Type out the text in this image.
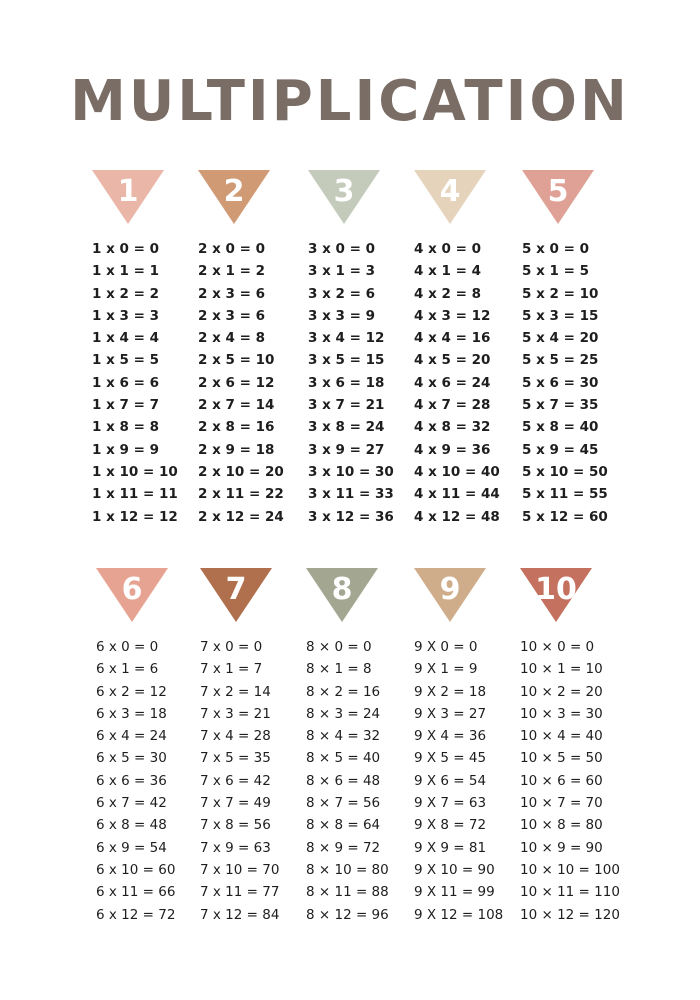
MULTIPLICATION
1
1 x 0 = 0
1 x 1 = 1
1 x 2 = 2
1 x 3 = 3
1 x 4 = 4
1 x 5 = 5
1 x 6 = 6
1 x 7 = 7
1 x 8 = 8
1 x 9 = 9
1 x 10 = 10
1 x 11 = 11
1 x 12 = 12
2
2 x 0 = 0
2 x 1 = 2
2 x 3 = 6
2 x 3 = 6
2 x 4 = 8
2 x 5 = 10
2 x 6 = 12
2 x 7 = 14
2 x 8 = 16
2 x 9 = 18
2 x 10 = 20
2 x 11 = 22
2 x 12 = 24
3
3 x 0 = 0
3 x 1 = 3
3 x 2 = 6
3 x 3 = 9
3 x 4 = 12
3 x 5 = 15
3 x 6 = 18
3 x 7 = 21
3 x 8 = 24
3 x 9 = 27
3 x 10 = 30
3 x 11 = 33
3 x 12 = 36
4
4 x 0 = 0
4 x 1 = 4
4 x 2 = 8
4 x 3 = 12
4 x 4 = 16
4 x 5 = 20
4 x 6 = 24
4 x 7 = 28
4 x 8 = 32
4 x 9 = 36
4 x 10 = 40
4 x 11 = 44
4 x 12 = 48
5
5 x 0 = 0
5 x 1 = 5
5 x 2 = 10
5 x 3 = 15
5 x 4 = 20
5 x 5 = 25
5 x 6 = 30
5 x 7 = 35
5 x 8 = 40
5 x 9 = 45
5 x 10 = 50
5 x 11 = 55
5 x 12 = 60
6
6 x 0 = 0
6 x 1 = 6
6 x 2 = 12
6 x 3 = 18
6 x 4 = 24
6 x 5 = 30
6 x 6 = 36
6 x 7 = 42
6 x 8 = 48
6 x 9 = 54
6 x 10 = 60
6 x 11 = 66
6 x 12 = 72
7
7 x 0 = 0
7 x 1 = 7
7 x 2 = 14
7 x 3 = 21
7 x 4 = 28
7 x 5 = 35
7 x 6 = 42
7 x 7 = 49
7 x 8 = 56
7 x 9 = 63
7 x 10 = 70
7 x 11 = 77
7 x 12 = 84
8
8 × 0 = 0
8 × 1 = 8
8 × 2 = 16
8 × 3 = 24
8 × 4 = 32
8 × 5 = 40
8 × 6 = 48
8 × 7 = 56
8 × 8 = 64
8 × 9 = 72
8 × 10 = 80
8 × 11 = 88
8 × 12 = 96
9
9 X 0 = 0
9 X 1 = 9
9 X 2 = 18
9 X 3 = 27
9 X 4 = 36
9 X 5 = 45
9 X 6 = 54
9 X 7 = 63
9 X 8 = 72
9 X 9 = 81
9 X 10 = 90
9 X 11 = 99
9 X 12 = 108
10
10 × 0 = 0
10 × 1 = 10
10 × 2 = 20
10 × 3 = 30
10 × 4 = 40
10 × 5 = 50
10 × 6 = 60
10 × 7 = 70
10 × 8 = 80
10 × 9 = 90
10 × 10 = 100
10 × 11 = 110
10 × 12 = 120
